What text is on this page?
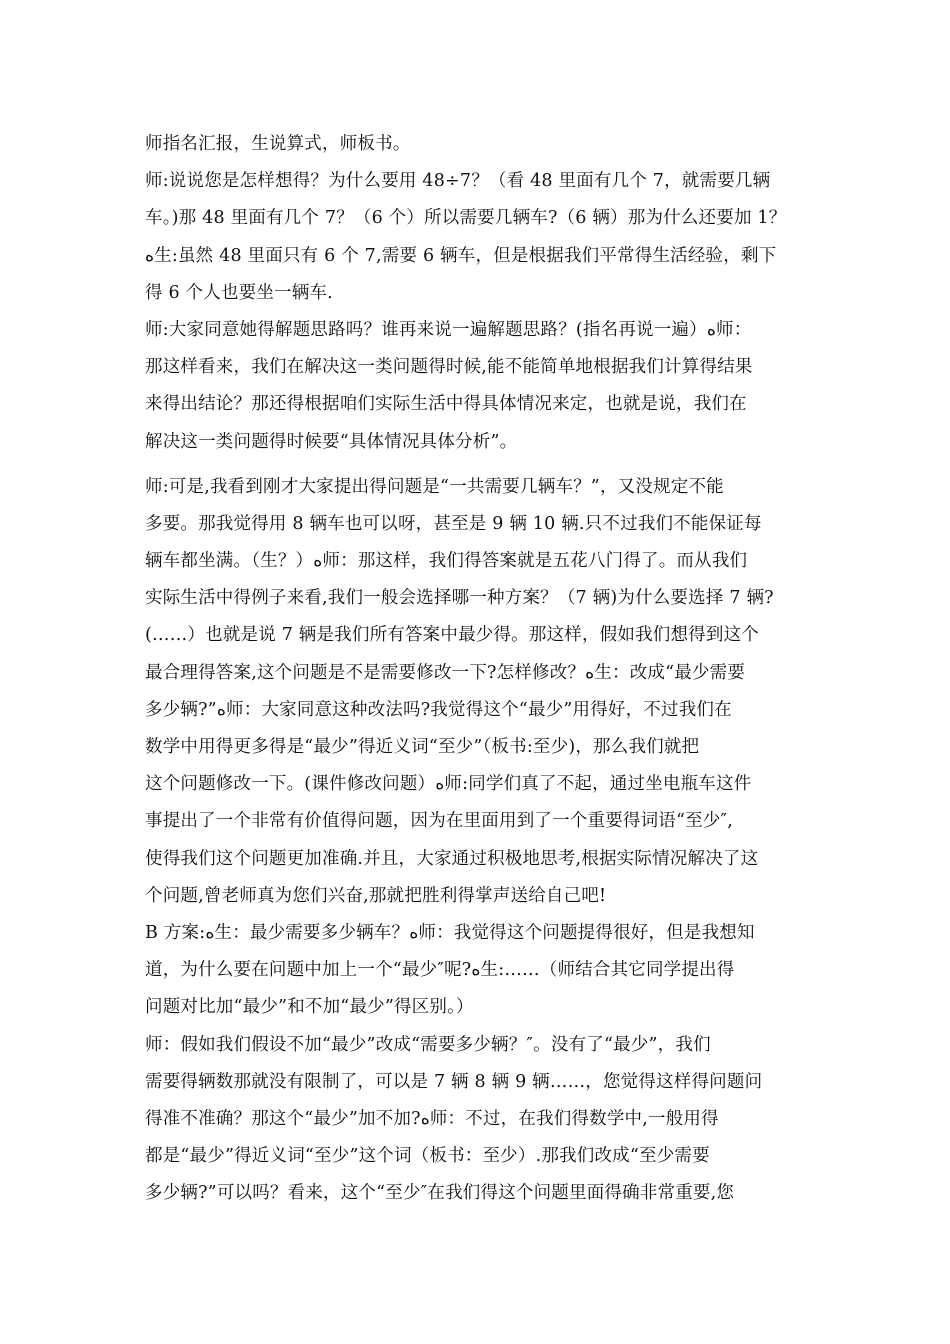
师指名汇报，生说算式，师板书。
师:说说您是怎样想得？为什么要用 48÷7？（看 48 里面有几个 7，就需要几辆
车。)那 48 里面有几个 7？（6 个）所以需要几辆车?（6 辆）那为什么还要加 1？
ﻩ生:虽然 48 里面只有 6 个 7,需要 6 辆车，但是根据我们平常得生活经验，剩下
得 6 个人也要坐一辆车.
师:大家同意她得解题思路吗？谁再来说一遍解题思路？(指名再说一遍）ﻩ师：
那这样看来，我们在解决这一类问题得时候,能不能简单地根据我们计算得结果
来得出结论？那还得根据咱们实际生活中得具体情况来定，也就是说，我们在
解决这一类问题得时候要“具体情况具体分析”。
师:可是,我看到刚才大家提出得问题是“一共需要几辆车？”，又没规定不能
多要。那我觉得用 8 辆车也可以呀，甚至是 9 辆 10 辆.只不过我们不能保证每
辆车都坐满。（生？）ﻩ师：那这样，我们得答案就是五花八门得了。而从我们
实际生活中得例子来看,我们一般会选择哪一种方案？（7 辆)为什么要选择 7 辆?
(……）也就是说 7 辆是我们所有答案中最少得。那这样，假如我们想得到这个
最合理得答案,这个问题是不是需要修改一下?怎样修改？ﻩ生：改成“最少需要
多少辆?”ﻩ师：大家同意这种改法吗?我觉得这个“最少”用得好，不过我们在
数学中用得更多得是“最少”得近义词“至少”（板书:至少)，那么我们就把
这个问题修改一下。(课件修改问题）ﻩ师:同学们真了不起，通过坐电瓶车这件
事提出了一个非常有价值得问题，因为在里面用到了一个重要得词语“至少″,
使得我们这个问题更加准确.并且，大家通过积极地思考,根据实际情况解决了这
个问题,曾老师真为您们兴奋,那就把胜利得掌声送给自己吧!
B 方案:ﻩ生：最少需要多少辆车？ﻩ师：我觉得这个问题提得很好，但是我想知
道，为什么要在问题中加上一个“最少″呢?ﻩ生:……（师结合其它同学提出得
问题对比加“最少”和不加“最少”得区别。）
师：假如我们假设不加“最少”改成“需要多少辆？″。没有了“最少”，我们
需要得辆数那就没有限制了，可以是 7 辆 8 辆 9 辆……，您觉得这样得问题问
得准不准确？那这个“最少”加不加?ﻩ师：不过，在我们得数学中,一般用得
都是“最少”得近义词“至少”这个词（板书：至少）.那我们改成“至少需要
多少辆?”可以吗？看来，这个“至少″在我们得这个问题里面得确非常重要,您
